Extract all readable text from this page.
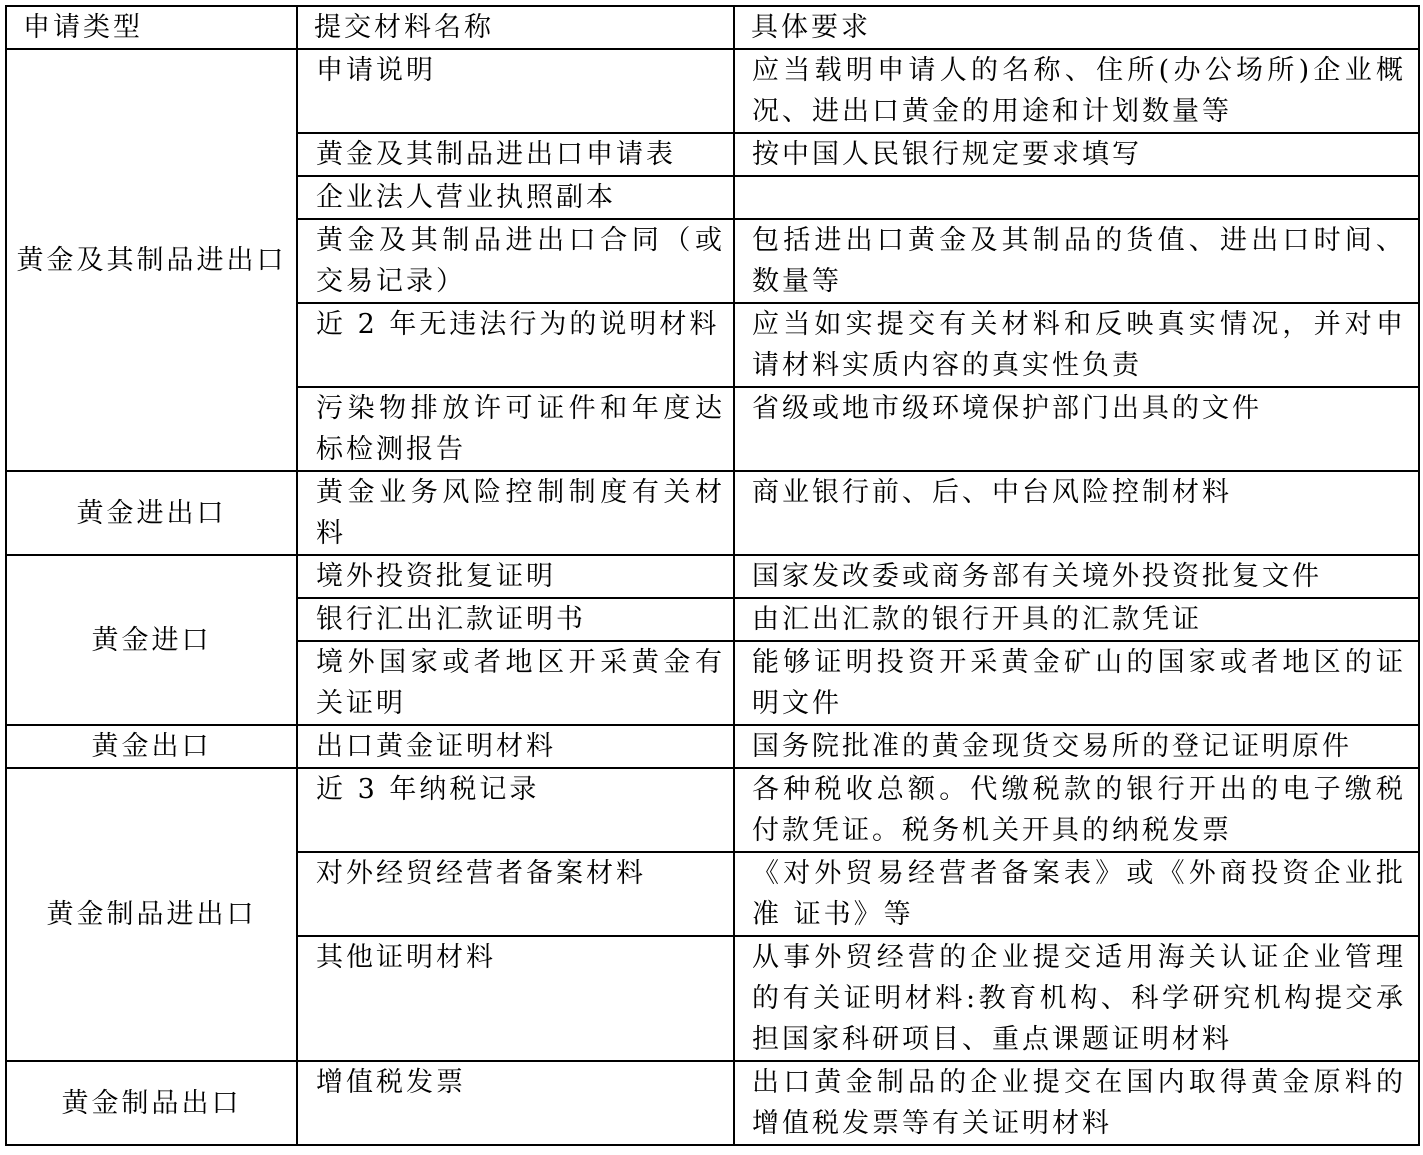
申请类型	提交材料名称	具体要求
黄金及其制品进出口	申请说明	应当载明申请人的名称、住所(办公场所)企业概况、进出口黄金的用途和计划数量等
	黄金及其制品进出口申请表	按中国人民银行规定要求填写
	企业法人营业执照副本	
	黄金及其制品进出口合同（或交易记录）	包括进出口黄金及其制品的货值、进出口时间、数量等
	近 2 年无违法行为的说明材料	应当如实提交有关材料和反映真实情况，并对申请材料实质内容的真实性负责
	污染物排放许可证件和年度达标检测报告	省级或地市级环境保护部门出具的文件
黄金进出口	黄金业务风险控制制度有关材料	商业银行前、后、中台风险控制材料
黄金进口	境外投资批复证明	国家发改委或商务部有关境外投资批复文件
	银行汇出汇款证明书	由汇出汇款的银行开具的汇款凭证
	境外国家或者地区开采黄金有关证明	能够证明投资开采黄金矿山的国家或者地区的证明文件
黄金出口	出口黄金证明材料	国务院批准的黄金现货交易所的登记证明原件
黄金制品进出口	近 3 年纳税记录	各种税收总额。代缴税款的银行开出的电子缴税付款凭证。税务机关开具的纳税发票
	对外经贸经营者备案材料	《对外贸易经营者备案表》或《外商投资企业批准 证书》等
	其他证明材料	从事外贸经营的企业提交适用海关认证企业管理的有关证明材料:教育机构、科学研究机构提交承担国家科研项目、重点课题证明材料
黄金制品出口	增值税发票	出口黄金制品的企业提交在国内取得黄金原料的增值税发票等有关证明材料
